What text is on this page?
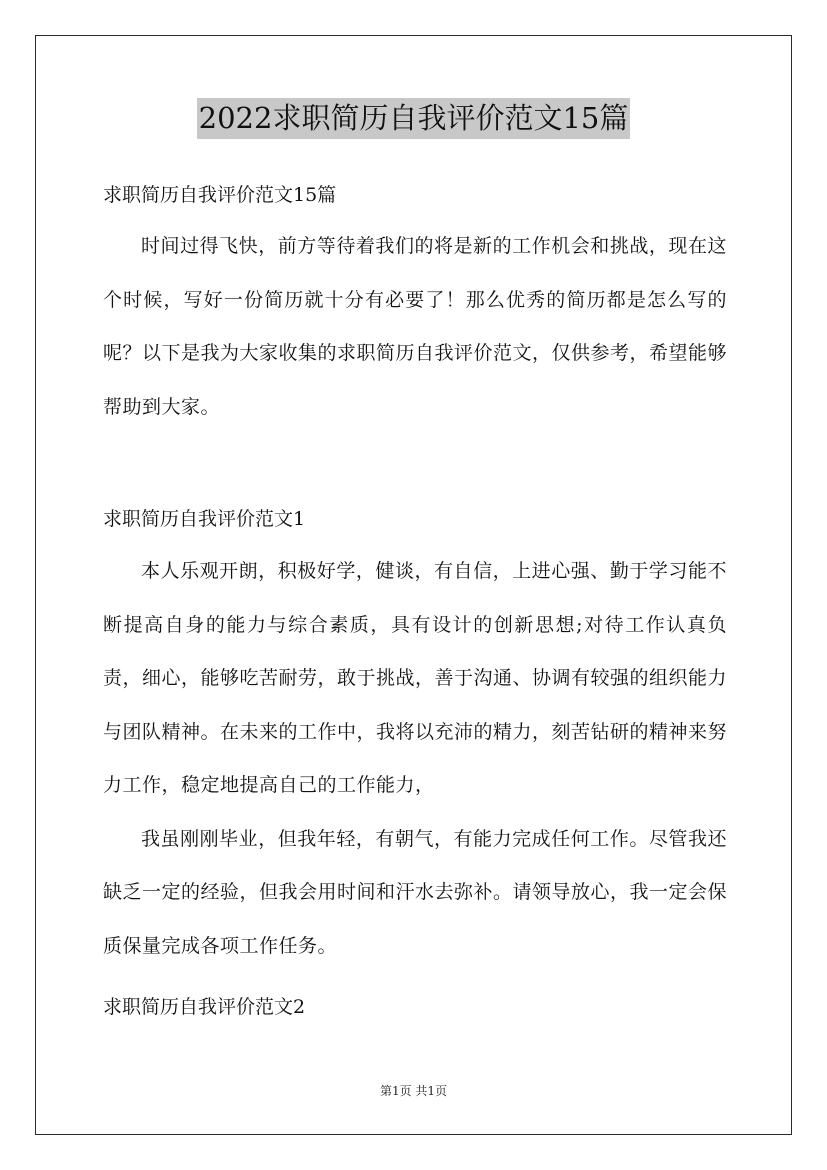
2022求职简历自我评价范文15篇

求职简历自我评价范文15篇

时间过得飞快，前方等待着我们的将是新的工作机会和挑战，现在这个时候，写好一份简历就十分有必要了！那么优秀的简历都是怎么写的呢？以下是我为大家收集的求职简历自我评价范文，仅供参考，希望能够帮助到大家。

求职简历自我评价范文1

本人乐观开朗，积极好学，健谈，有自信，上进心强、勤于学习能不断提高自身的能力与综合素质，具有设计的创新思想;对待工作认真负责，细心，能够吃苦耐劳，敢于挑战，善于沟通、协调有较强的组织能力与团队精神。在未来的工作中，我将以充沛的精力，刻苦钻研的精神来努力工作，稳定地提高自己的工作能力，

我虽刚刚毕业，但我年轻，有朝气，有能力完成任何工作。尽管我还缺乏一定的经验，但我会用时间和汗水去弥补。请领导放心，我一定会保质保量完成各项工作任务。

求职简历自我评价范文2

第1页 共1页
